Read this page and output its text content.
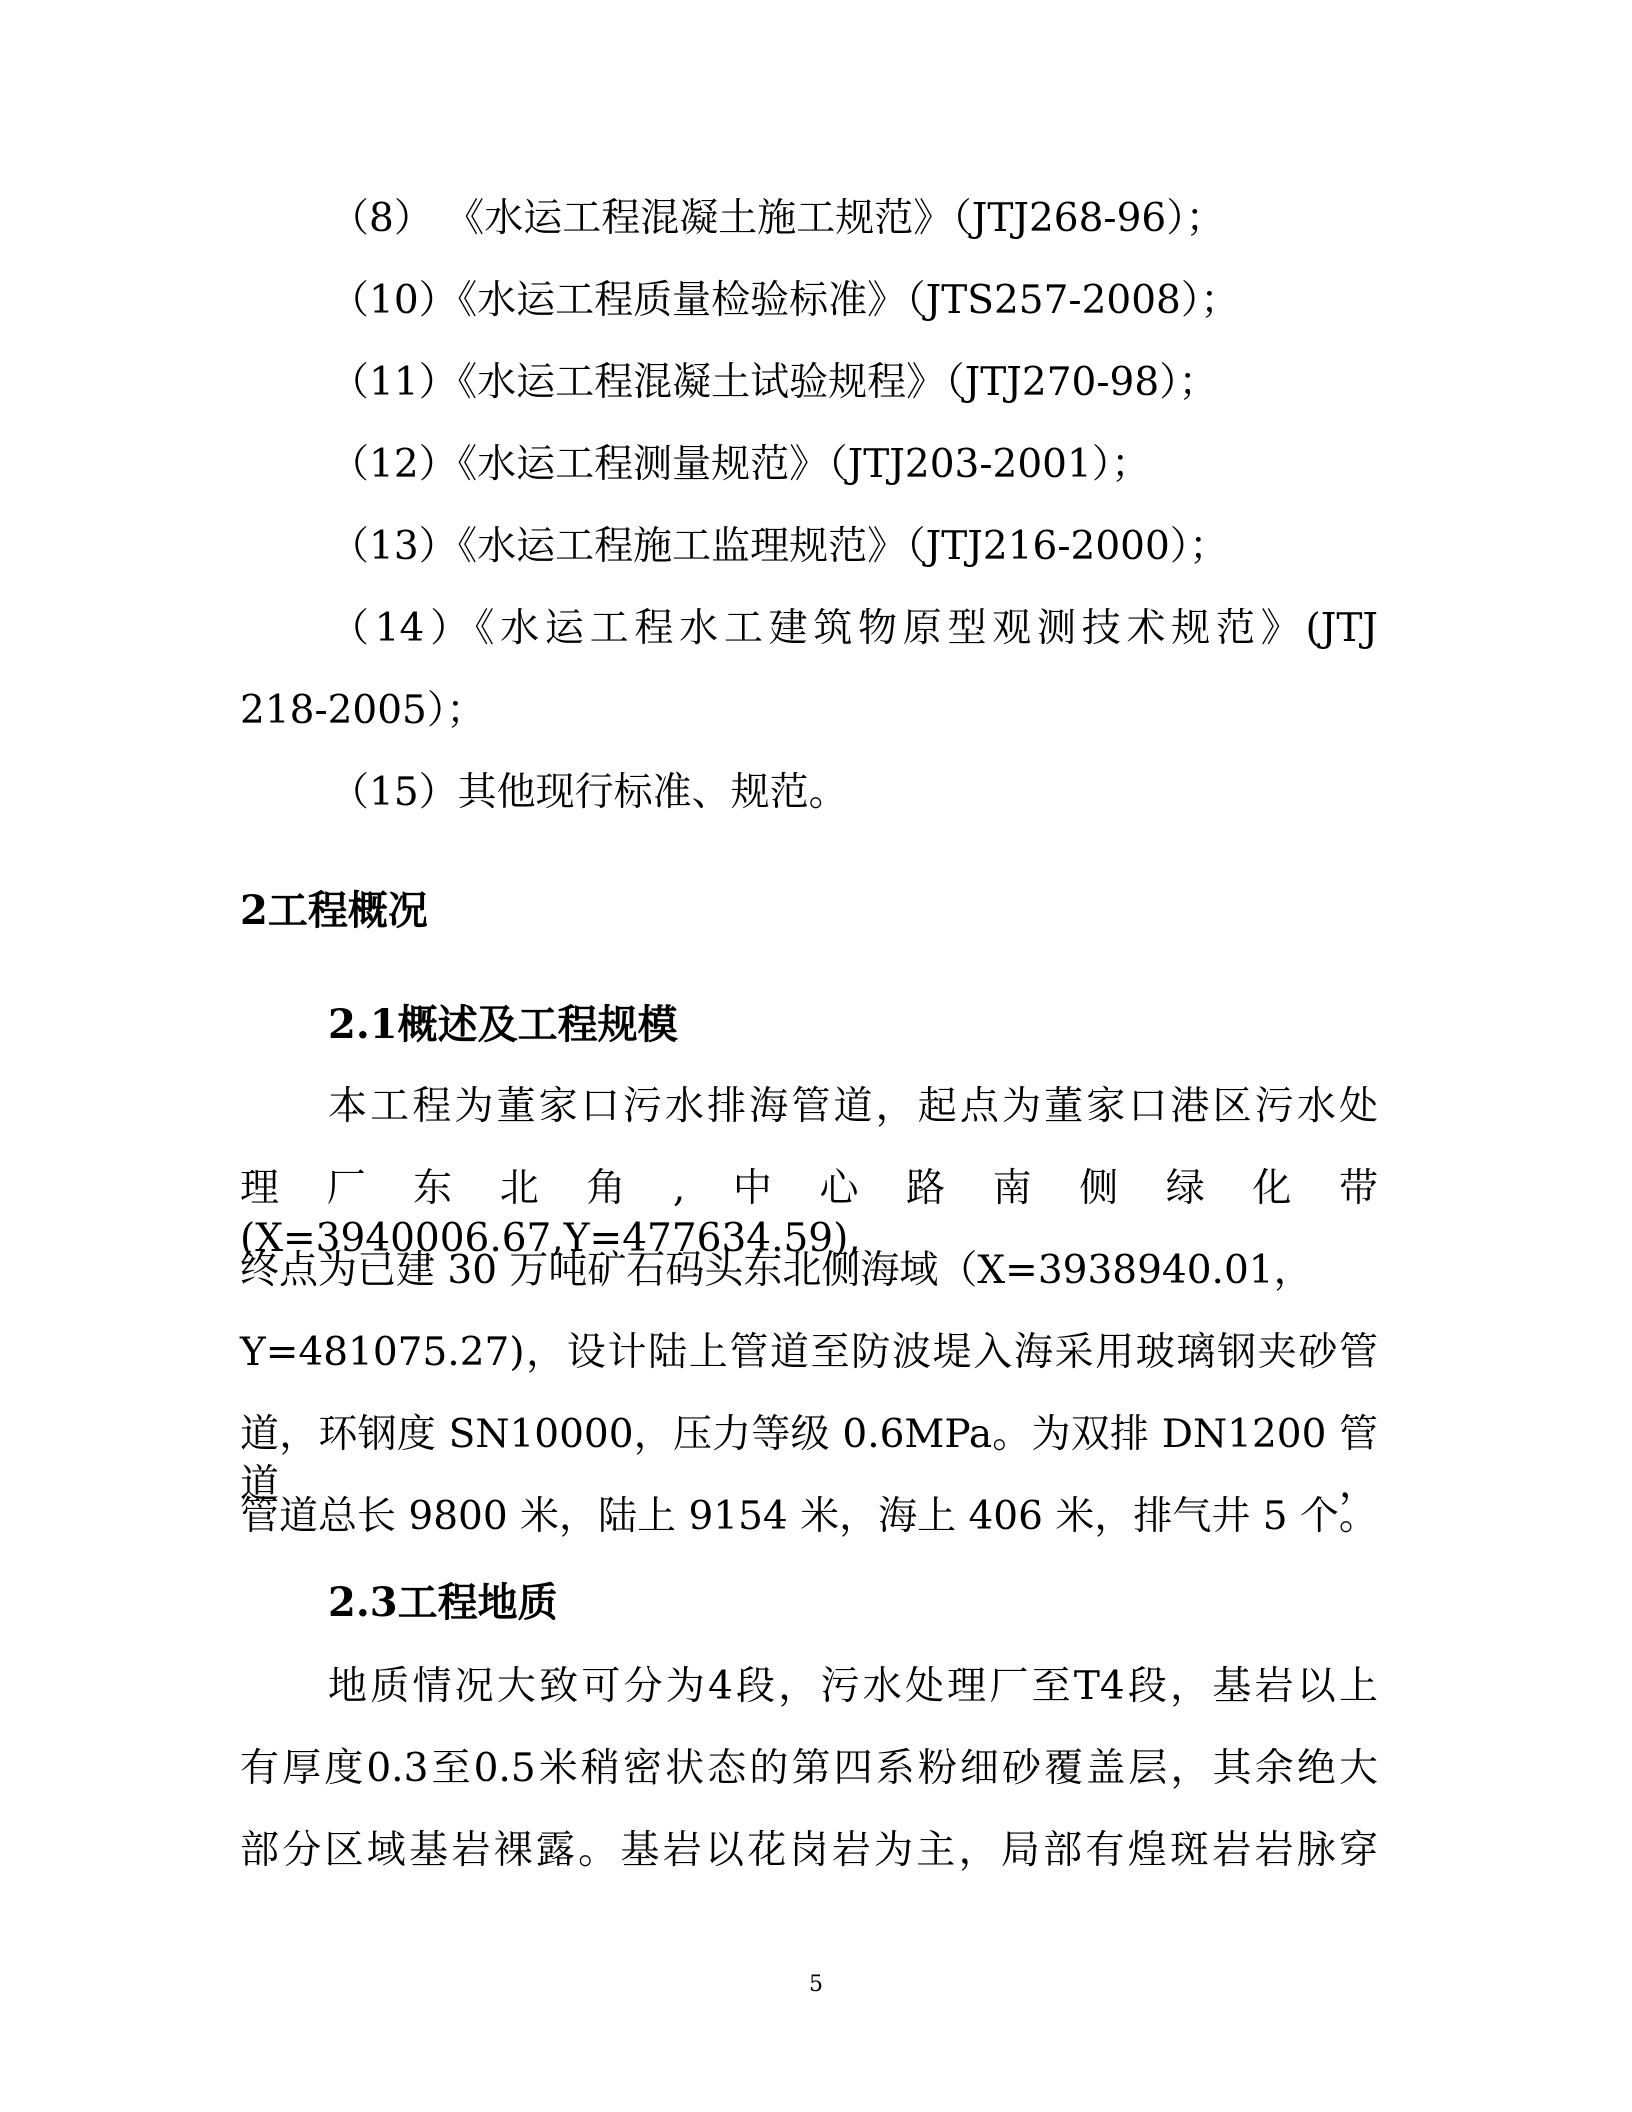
（8） 《水运工程混凝土施工规范》（JTJ268-96）；
（10）《水运工程质量检验标准》（JTS257-2008）；
（11）《水运工程混凝土试验规程》（JTJ270-98）；
（12）《水运工程测量规范》（JTJ203-2001）；
（13）《水运工程施工监理规范》（JTJ216-2000）；
（14）《水运工程水工建筑物原型观测技术规范》(JTJ
218-2005）；
（15）其他现行标准、规范。
2工程概况
2.1概述及工程规模
本工程为董家口污水排海管道，起点为董家口港区污水处
理厂东北角,中心路南侧绿化带(X=3940006.67,Y=477634.59),
终点为已建 30 万吨矿石码头东北侧海域（X=3938940.01，
Y=481075.27)，设计陆上管道至防波堤入海采用玻璃钢夹砂管
道，环钢度 SN10000，压力等级 0.6MPa。为双排 DN1200 管道，
管道总长 9800 米，陆上 9154 米，海上 406 米，排气井 5 个。
2.3工程地质
地质情况大致可分为4段，污水处理厂至T4段，基岩以上
有厚度0.3至0.5米稍密状态的第四系粉细砂覆盖层，其余绝大
部分区域基岩裸露。基岩以花岗岩为主，局部有煌斑岩岩脉穿
5
